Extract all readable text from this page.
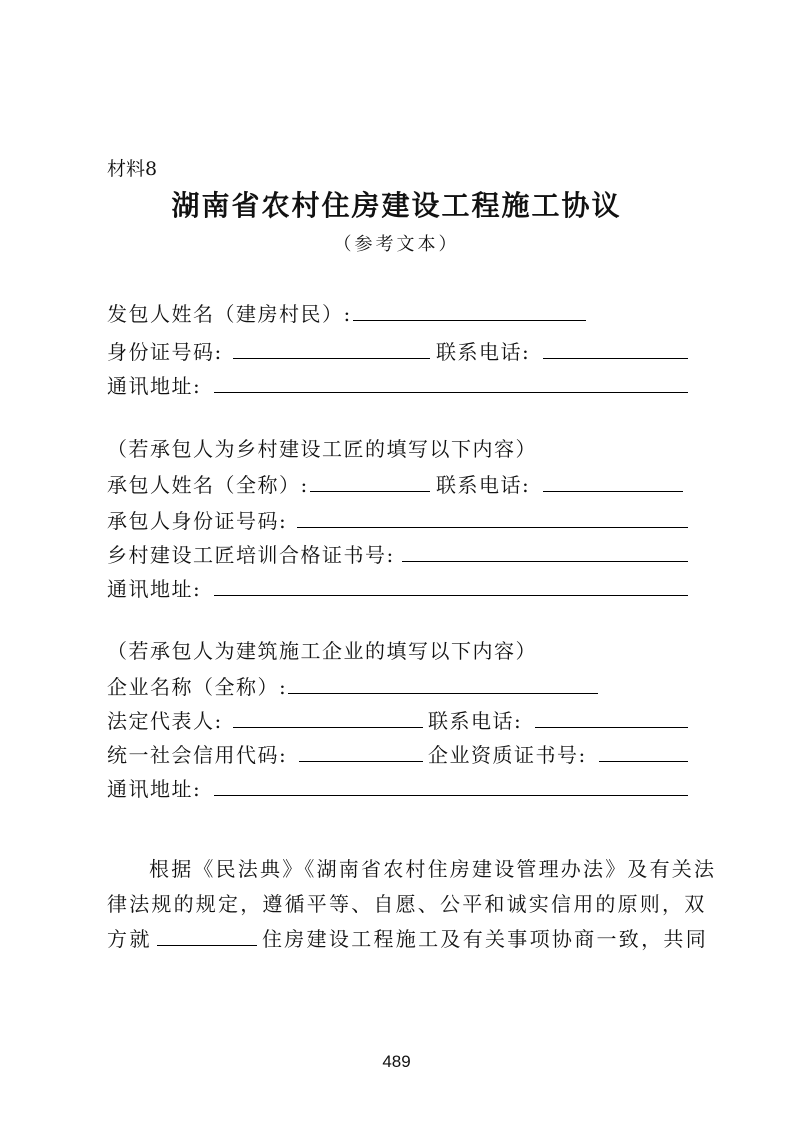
材料8
湖南省农村住房建设工程施工协议
（参考文本）
发包人姓名（建房村民）:
身份证号码:	联系电话:
通讯地址:
（若承包人为乡村建设工匠的填写以下内容）
承包人姓名（全称）:	联系电话:
承包人身份证号码:
乡村建设工匠培训合格证书号:
通讯地址:
（若承包人为建筑施工企业的填写以下内容）
企业名称（全称）:
法定代表人:	联系电话:
统一社会信用代码:	企业资质证书号:
通讯地址:
根据《民法典》《湖南省农村住房建设管理办法》及有关法
律法规的规定，遵循平等、自愿、公平和诚实信用的原则，双
方就	住房建设工程施工及有关事项协商一致，共同
489
